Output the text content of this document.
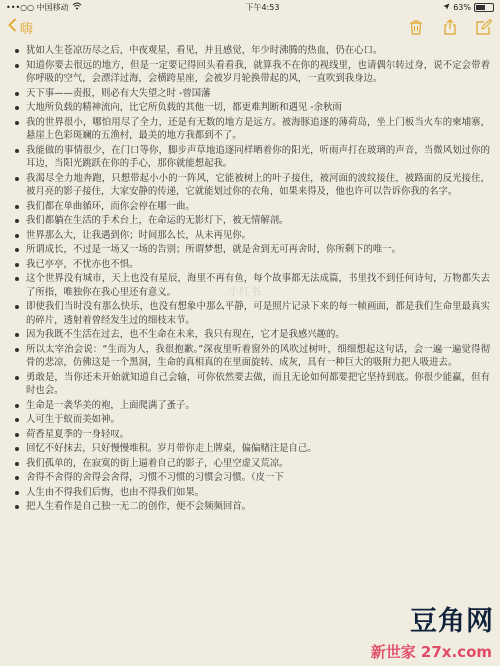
•••○○ 中国移动	下午4:53	63%
嗨
犹如人生苍凉历尽之后，中夜观星，看见，并且感觉，年少时沸腾的热血，仍在心口。
知道你要去很远的地方，但是一定要记得回头看看我，就算我不在你的视线里，也请偶尔转过身，说不定会带着你呼吸的空气，会漂洋过海，会横跨星座，会被岁月轮换带起的风，一直吹到我身边。
天下事——责报，则必有大失望之时 -曾国藩
大地所负载的精神流向，比它所负载的其他一切，都更难判断和遇见 -余秋雨
我的世界很小，哪怕用尽了全力，还是有无数的地方是远方。被海豚追逐的薄荷岛，坐上门板当火车的柬埔寨，悬崖上色彩斑斓的五渔村，最美的地方我都到不了。
我能做的事情很少，在门口等你，脚步声草地追逐同样晒着你的阳光，听雨声打在玻璃的声音，当微风划过你的耳边，当阳光跳跃在你的手心，那你就能想起我。
我渴尽全力地奔跑，只想带起小小的一阵风，它能被树上的叶子接住，被河面的波纹接住，被路面的反光接住，被月亮的影子接住，大家安静的传递，它就能划过你的衣角，如果来得及，他也许可以告诉你我的名字。
我们都在单曲循环，而你会停在哪一曲。
我们都躺在生活的手术台上，在命运的无影灯下，被无情解剖。
世界那么大，让我遇到你；时间那么长，从未再见你。
所谓成长，不过是一场又一场的告别；所谓梦想，就是舍到无可再舍时，你所剩下的唯一。
我已亭亭，不忧亦也不惧。
这个世界没有城市，天上也没有星辰，海里不再有鱼，每个故事都无法成篇，书里找不到任何诗句，万物都失去了所指，唯独你在我心里还有意义。
即使我们当时没有那么快乐，也没有想象中那么平静，可是照片记录下来的每一帧画面，都是我们生命里最真实的碎片，透射着曾经发生过的细枝末节。
因为我既不生活在过去，也不生命在未来，我只有现在，它才是我感兴趣的。
所以太宰治会说：“生而为人，我很抱歉。”深夜里听着窗外的风吹过树叶，细细想起这句话，会一遍一遍觉得彻骨的悲凉，仿佛这是一个黑洞，生命的真相真的在里面旋转、成灰，具有一种巨大的吸附力把人吸进去。
勇敢是，当你还未开始就知道自己会输，可你依然要去做，而且无论如何都要把它坚持到底。你很少能赢，但有时也会。
生命是一袭华美的袍，上面爬满了蚤子。
人可生于蚁而美如神。
荷香星夏季的一身轻叹。
回忆不好抹去，只好慢慢堆积。岁月带你走上牌桌，偏偏赌注是自己。
我们孤单的，在寂寞的街上逼着自己的影子，心里空虚又荒凉。
舍得不舍得的舍得会舍得，习惯不习惯的习惯会习惯。（皮一下
人生由不得我们后悔，也由不得我们如果。
把人生看作是自己独一无二的创作，便不会频频回首。
小红书
豆角网
新世家 27x.com
